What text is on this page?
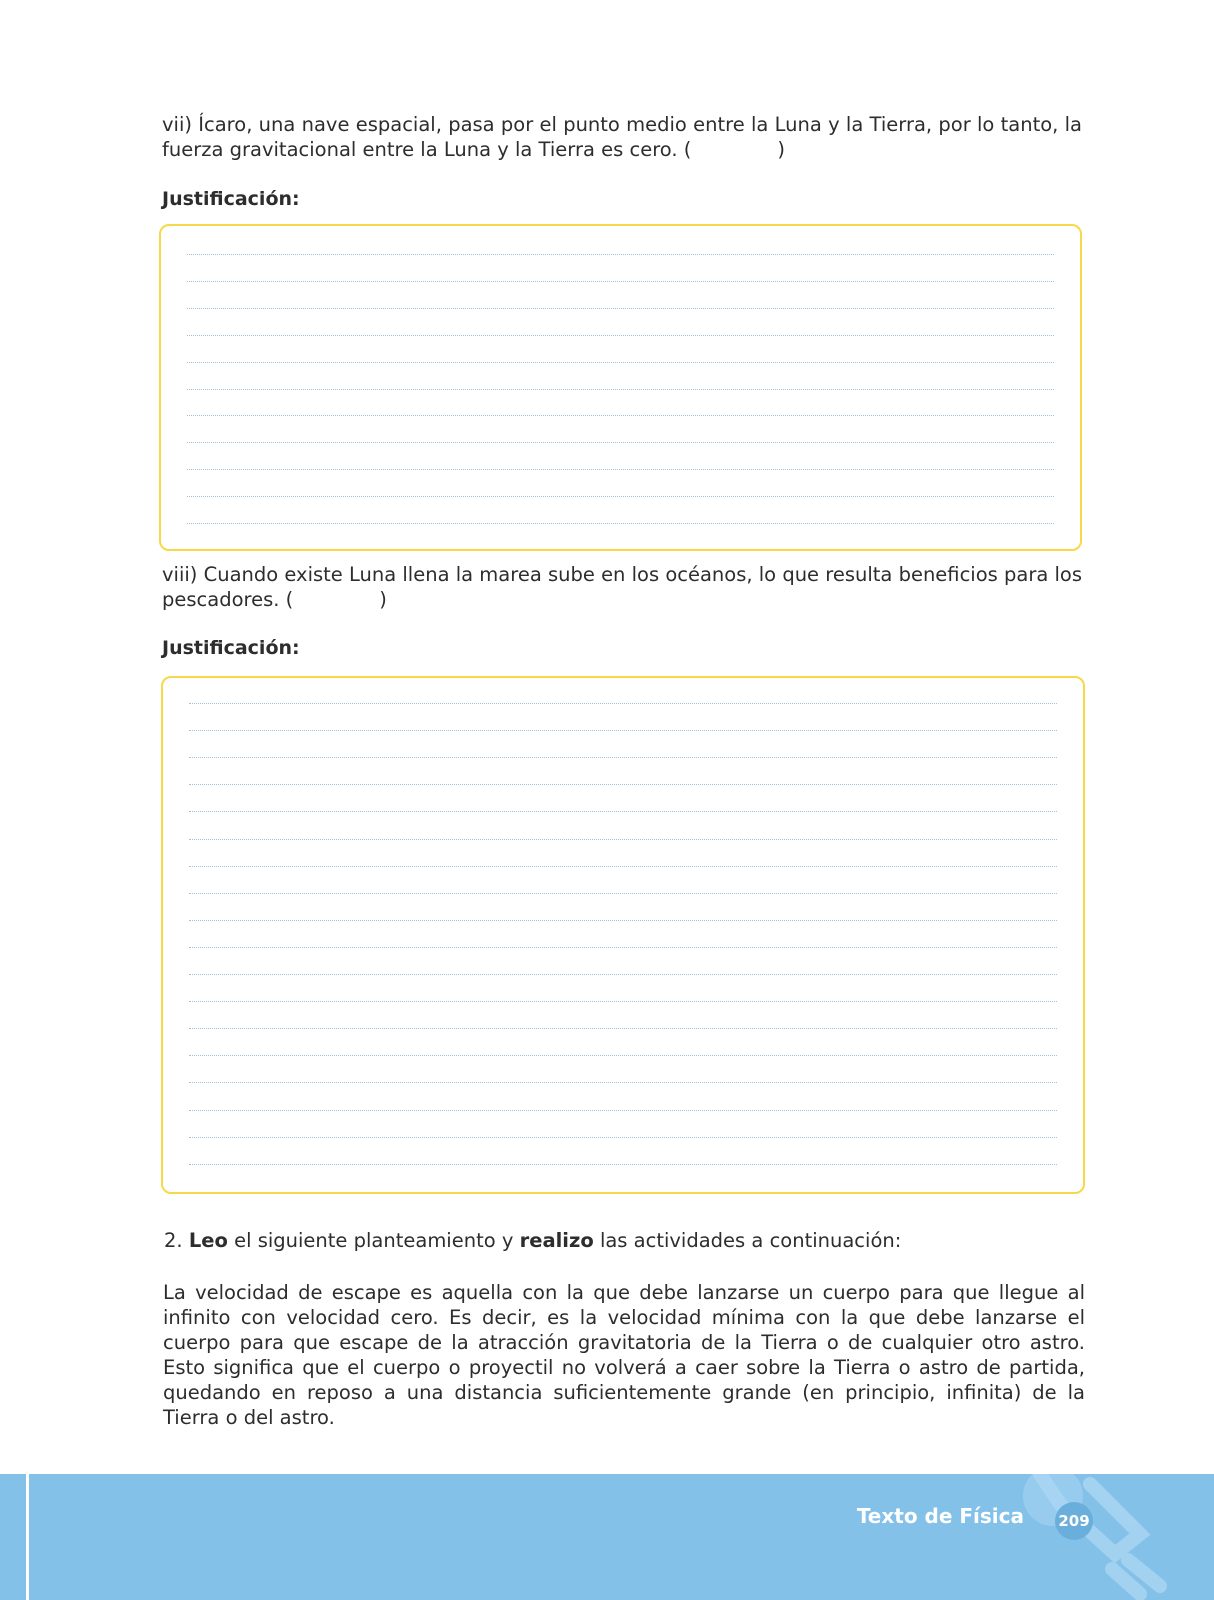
vii) Ícaro, una nave espacial, pasa por el punto medio entre la Luna y la Tierra, por lo tanto, la fuerza gravitacional entre la Luna y la Tierra es cero. (	)
Justificación:
viii) Cuando existe Luna llena la marea sube en los océanos, lo que resulta beneficios para los pescadores. (	)
Justificación:
2. Leo el siguiente planteamiento y realizo las actividades a continuación:
La velocidad de escape es aquella con la que debe lanzarse un cuerpo para que llegue al infinito con velocidad cero. Es decir, es la velocidad mínima con la que debe lanzarse el cuerpo para que escape de la atracción gravitatoria de la Tierra o de cualquier otro astro. Esto significa que el cuerpo o proyectil no volverá a caer sobre la Tierra o astro de partida, quedando en reposo a una distancia suficientemente grande (en principio, infinita) de la Tierra o del astro.
Texto de Física 209
